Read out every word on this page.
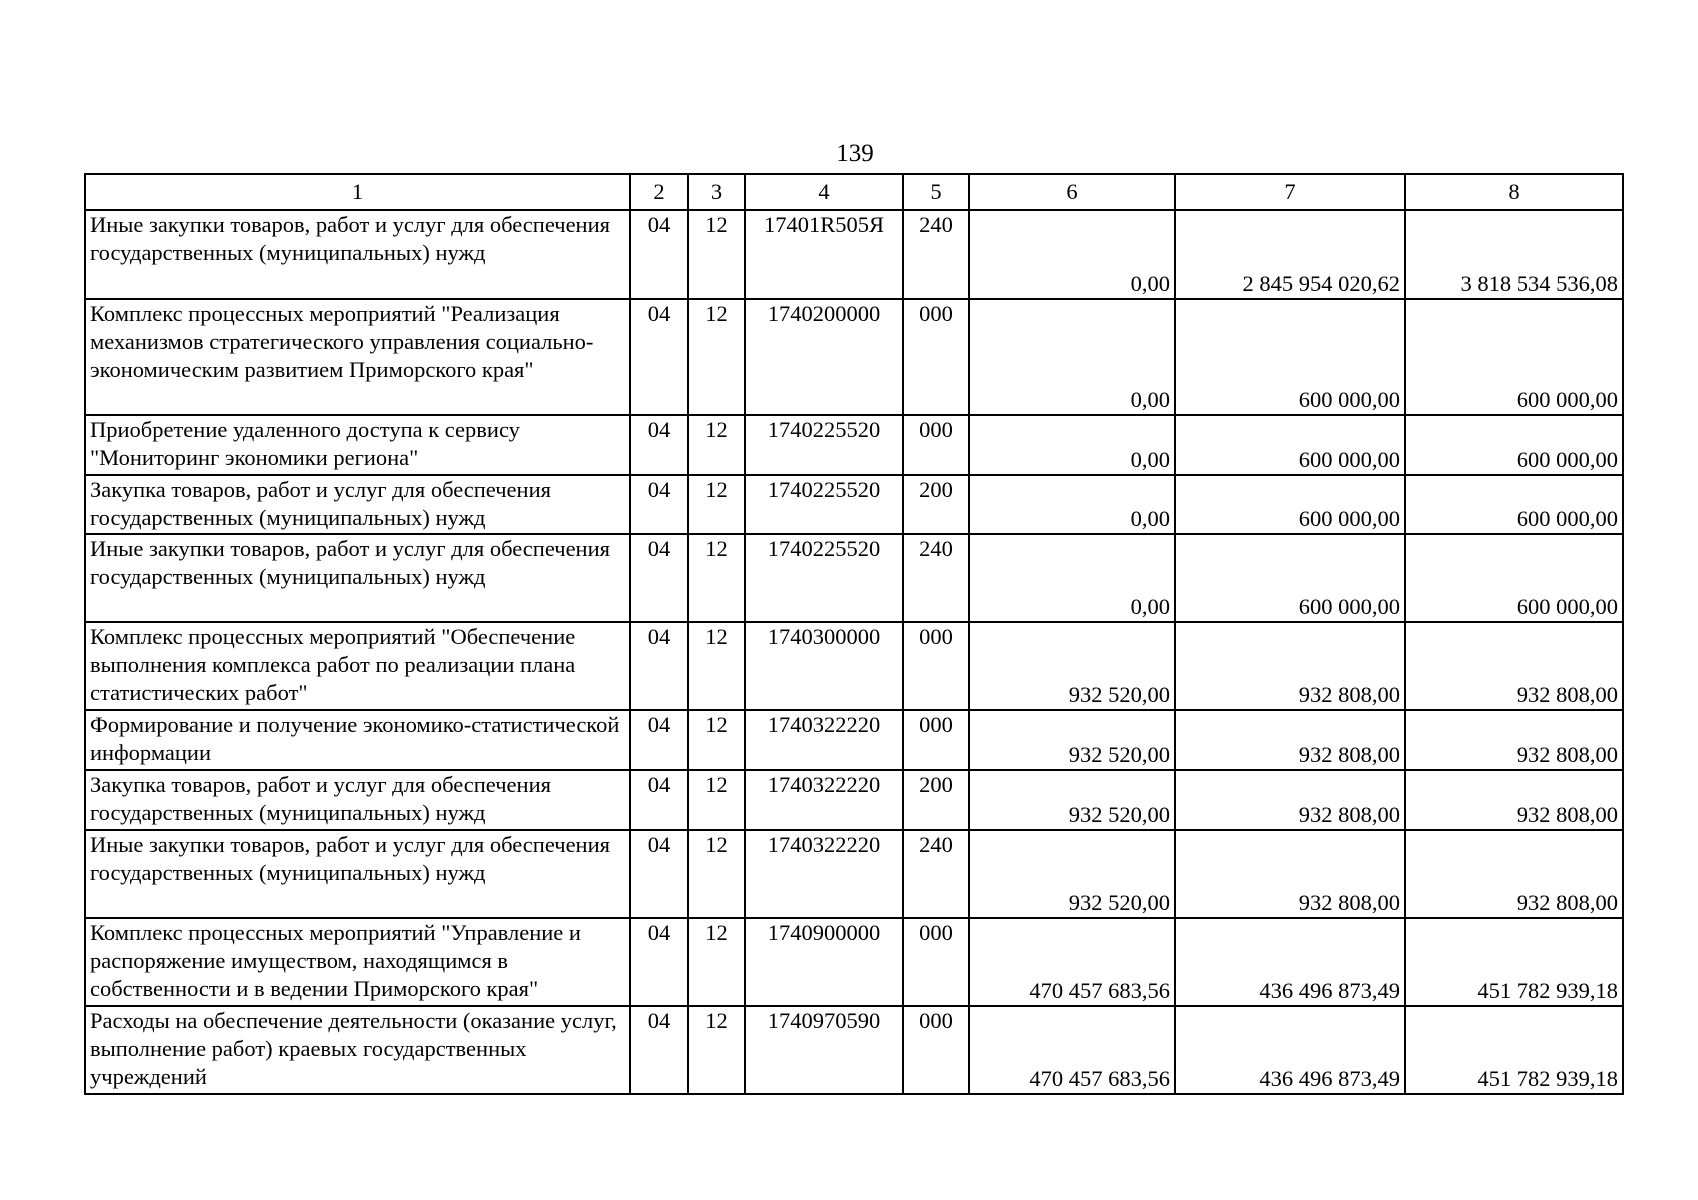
139
1	2	3	4	5	6	7	8
Иные закупки товаров, работ и услуг для обеспечения государственных (муниципальных) нужд	04	12	17401R505Я	240	0,00	2 845 954 020,62	3 818 534 536,08
Комплекс процессных мероприятий "Реализация механизмов стратегического управления социально-экономическим развитием Приморского края"	04	12	1740200000	000	0,00	600 000,00	600 000,00
Приобретение удаленного доступа к сервису "Мониторинг экономики региона"	04	12	1740225520	000	0,00	600 000,00	600 000,00
Закупка товаров, работ и услуг для обеспечения государственных (муниципальных) нужд	04	12	1740225520	200	0,00	600 000,00	600 000,00
Иные закупки товаров, работ и услуг для обеспечения государственных (муниципальных) нужд	04	12	1740225520	240	0,00	600 000,00	600 000,00
Комплекс процессных мероприятий "Обеспечение выполнения комплекса работ по реализации плана статистических работ"	04	12	1740300000	000	932 520,00	932 808,00	932 808,00
Формирование и получение экономико-статистической информации	04	12	1740322220	000	932 520,00	932 808,00	932 808,00
Закупка товаров, работ и услуг для обеспечения государственных (муниципальных) нужд	04	12	1740322220	200	932 520,00	932 808,00	932 808,00
Иные закупки товаров, работ и услуг для обеспечения государственных (муниципальных) нужд	04	12	1740322220	240	932 520,00	932 808,00	932 808,00
Комплекс процессных мероприятий "Управление и распоряжение имуществом, находящимся в собственности и в ведении Приморского края"	04	12	1740900000	000	470 457 683,56	436 496 873,49	451 782 939,18
Расходы на обеспечение деятельности (оказание услуг, выполнение работ) краевых государственных учреждений	04	12	1740970590	000	470 457 683,56	436 496 873,49	451 782 939,18
